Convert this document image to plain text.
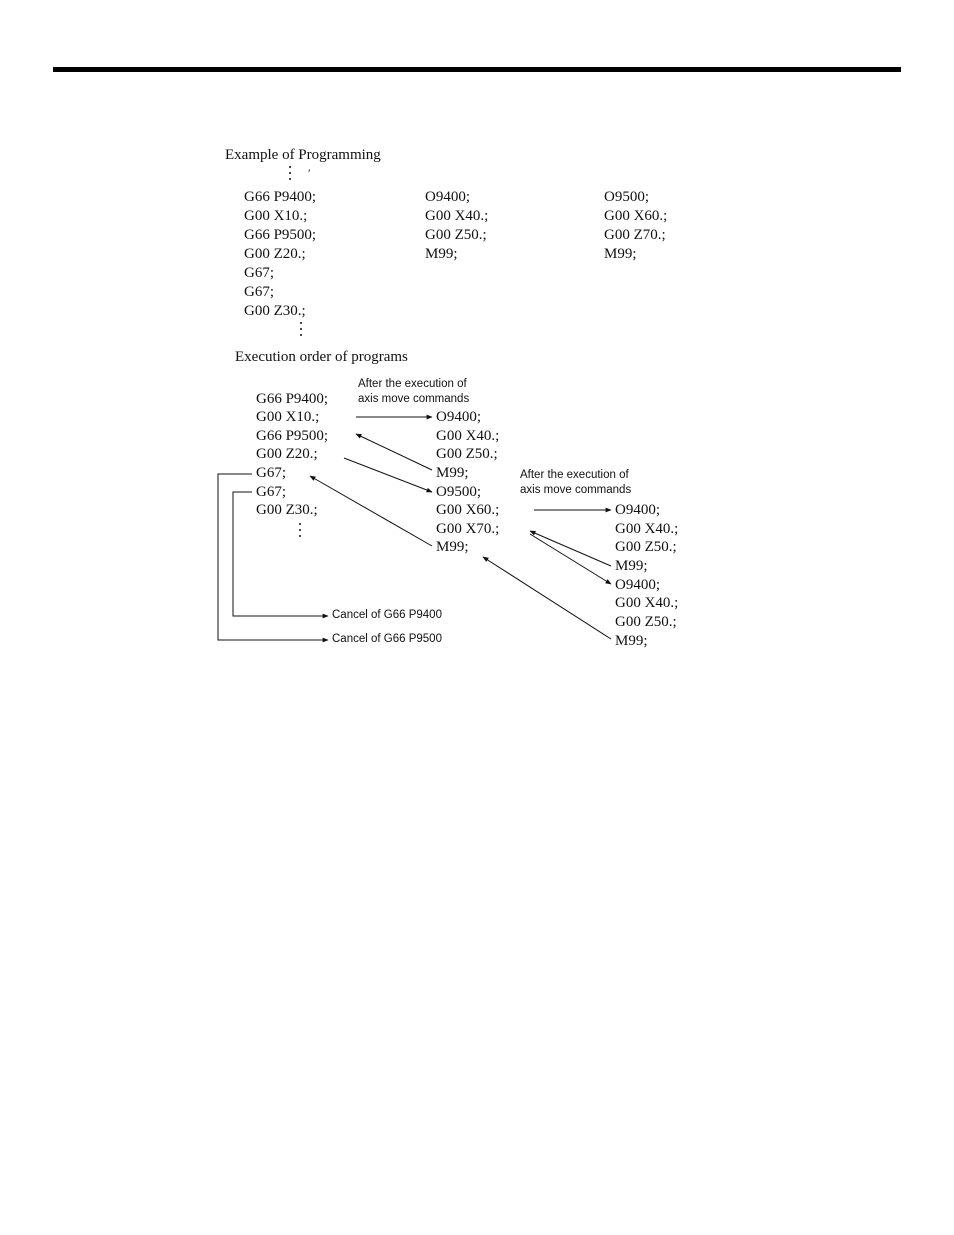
Example of Programming
′
G66 P9400;
G00 X10.;
G66 P9500;
G00 Z20.;
G67;
G67;
G00 Z30.;
O9400;
G00 X40.;
G00 Z50.;
M99;
O9500;
G00 X60.;
G00 Z70.;
M99;
Execution order of programs
G66 P9400;
G00 X10.;
G66 P9500;
G00 Z20.;
G67;
G67;
G00 Z30.;
O9400;
G00 X40.;
G00 Z50.;
M99;
O9500;
G00 X60.;
G00 X70.;
M99;
O9400;
G00 X40.;
G00 Z50.;
M99;
O9400;
G00 X40.;
G00 Z50.;
M99;
After the execution of
axis move commands
After the execution of
axis move commands
Cancel of G66 P9400
Cancel of G66 P9500
